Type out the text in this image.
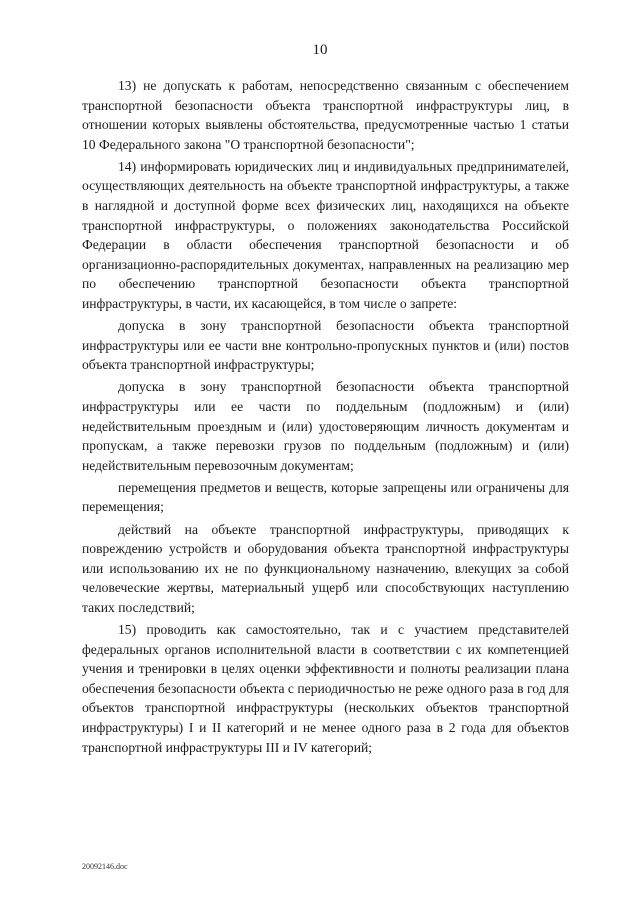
10

13) не допускать к работам, непосредственно связанным с обеспечением транспортной безопасности объекта транспортной инфраструктуры лиц, в отношении которых выявлены обстоятельства, предусмотренные частью 1 статьи 10 Федерального закона "О транспортной безопасности";

14) информировать юридических лиц и индивидуальных предпринимателей, осуществляющих деятельность на объекте транспортной инфраструктуры, а также в наглядной и доступной форме всех физических лиц, находящихся на объекте транспортной инфраструктуры, о положениях законодательства Российской Федерации в области обеспечения транспортной безопасности и об организационно-распорядительных документах, направленных на реализацию мер по обеспечению транспортной безопасности объекта транспортной инфраструктуры, в части, их касающейся, в том числе о запрете:

допуска в зону транспортной безопасности объекта транспортной инфраструктуры или ее части вне контрольно-пропускных пунктов и (или) постов объекта транспортной инфраструктуры;

допуска в зону транспортной безопасности объекта транспортной инфраструктуры или ее части по поддельным (подложным) и (или) недействительным проездным и (или) удостоверяющим личность документам и пропускам, а также перевозки грузов по поддельным (подложным) и (или) недействительным перевозочным документам;

перемещения предметов и веществ, которые запрещены или ограничены для перемещения;

действий на объекте транспортной инфраструктуры, приводящих к повреждению устройств и оборудования объекта транспортной инфраструктуры или использованию их не по функциональному назначению, влекущих за собой человеческие жертвы, материальный ущерб или способствующих наступлению таких последствий;

15) проводить как самостоятельно, так и с участием представителей федеральных органов исполнительной власти в соответствии с их компетенцией учения и тренировки в целях оценки эффективности и полноты реализации плана обеспечения безопасности объекта с периодичностью не реже одного раза в год для объектов транспортной инфраструктуры (нескольких объектов транспортной инфраструктуры) I и II категорий и не менее одного раза в 2 года для объектов транспортной инфраструктуры III и IV категорий;

20092146.doc
